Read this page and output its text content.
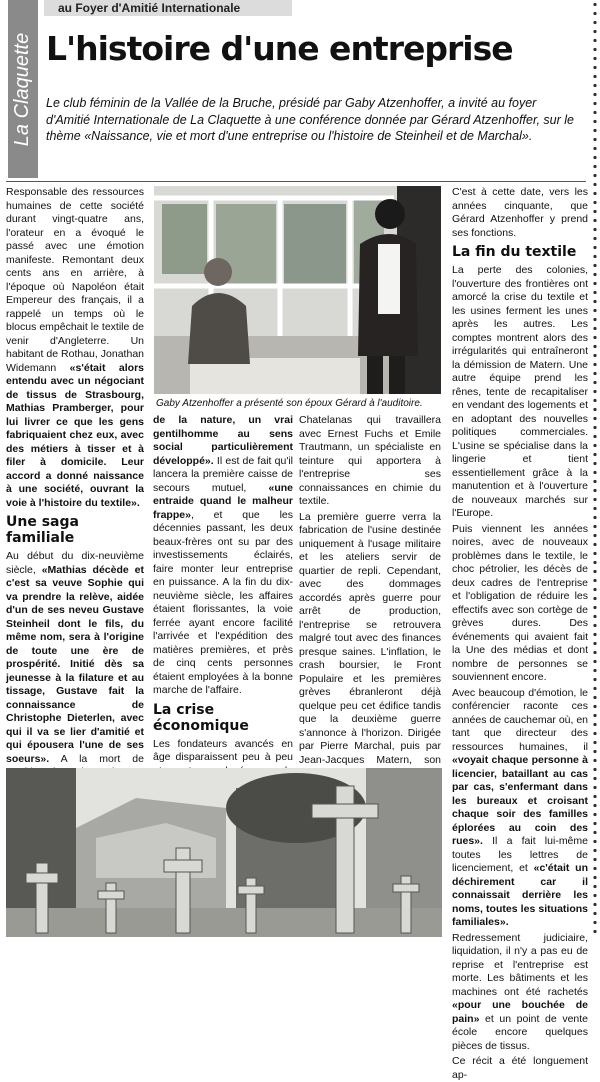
La Claquette
au Foyer d'Amitié Internationale
L'histoire d'une entreprise

Le club féminin de la Vallée de la Bruche, présidé par Gaby Atzenhoffer, a invité au foyer d'Amitié Internationale de La Claquette à une conférence donnée par Gérard Atzenhoffer, sur le thème «Naissance, vie et mort d'une entreprise ou l'histoire de Steinheil et de Marchal».

Responsable des ressources humaines de cette société durant vingt-quatre ans, l'orateur en a évoqué le passé avec une émotion manifeste. Remontant deux cents ans en arrière, à l'époque où Napoléon était Empereur des français, il a rappelé un temps où le blocus empêchait le textile de venir d'Angleterre. Un habitant de Rothau, Jonathan Widemann «s'était alors entendu avec un négociant de tissus de Strasbourg, Mathias Pramberger, pour lui livrer ce que les gens fabriquaient chez eux, avec des métiers à tisser et à filer à domicile. Leur accord a donné naissance à une société, ouvrant la voie à l'histoire du textile».

Une saga familiale

Au début du dix-neuvième siècle, «Mathias décède et c'est sa veuve Sophie qui va prendre la relève, aidée d'un de ses neveu Gustave Steinheil dont le fils, du même nom, sera à l'origine de toute une ère de prospérité. Initié dès sa jeunesse à la filature et au tissage, Gustave fait la connaissance de Christophe Dieterlen, avec qui il va se lier d'amitié et qui épousera l'une de ses soeurs». A la mort de

Gaby Atzenhoffer a présenté son époux Gérard à l'auditoire.

de la nature, un vrai gentilhomme au sens social particulièrement développé». Il est de fait qu'il lancera la première caisse de secours mutuel, «une entraide quand le malheur frappe», et que les décennies passant, les deux beaux-frères ont su par des investissements éclairés, faire monter leur entreprise en puissance. A la fin du dix-neuvième siècle, les affaires étaient florissantes, la voie ferrée ayant encore facilité l'arrivée et l'expédition des matières premières, et près de cinq cents personnes étaient employées à la bonne marche de l'affaire.

La crise économique

Les fondateurs avancés en âge disparaissent peu à peu

Chatelanas qui travaillera avec Ernest Fuchs et Emile Trautmann, un spécialiste en teinture qui apportera à l'entreprise ses connaissances en chimie du textile.

La première guerre verra la fabrication de l'usine destinée uniquement à l'usage militaire et les ateliers servir de quartier de repli. Cependant, avec des dommages accordés après guerre pour arrêt de production, l'entreprise se retrouvera malgré tout avec des finances presque saines. L'inflation, le crash boursier, le Front Populaire et les premières grèves ébranleront déjà quelque peu cet édifice tandis que la deuxième guerre s'annonce à l'horizon. Dirigée par Pierre Marchal, puis par Jean-Jacques Matern, son

C'est à cette date, vers les années cinquante, que Gérard Atzenhoffer y prend ses fonctions.

La fin du textile

La perte des colonies, l'ouverture des frontières ont amorcé la crise du textile et les usines ferment les unes après les autres. Les comptes montrent alors des irrégularités qui entraîneront la démission de Matern. Une autre équipe prend les rênes, tente de recapitaliser en vendant des logements et en adoptant des nouvelles politiques commerciales. L'usine se spécialise dans la lingerie et tient essentiellement grâce à la manutention et à l'ouverture de nouveaux marchés sur l'Europe.

Puis viennent les années noires, avec de nouveaux problèmes dans le textile, le choc pétrolier, les décès de deux cadres de l'entreprise et l'obligation de réduire les effectifs avec son cortège de grèves dures. Des événements qui avaient fait la Une des médias et dont nombre de personnes se souviennent encore.

Avec beaucoup d'émotion, le conférencier raconte ces années de cauchemar où, en tant que directeur des ressources humaines, il «voyait chaque personne à licencier, bataillant au cas par cas, s'enfermant dans les bureaux et croisant chaque soir des familles éplorées au coin des rues». Il a fait lui-même toutes les lettres de licenciement, et «c'était un déchirement car il connaissait derrière les noms, toutes les situations familiales».

Redressement judiciaire, liquidation, il n'y a pas eu de reprise et l'entreprise est morte. Les bâtiments et les machines ont été rachetés «pour une bouchée de pain» et un point de vente école encore quelques pièces de tissus.

Ce récit a été longuement ap-
